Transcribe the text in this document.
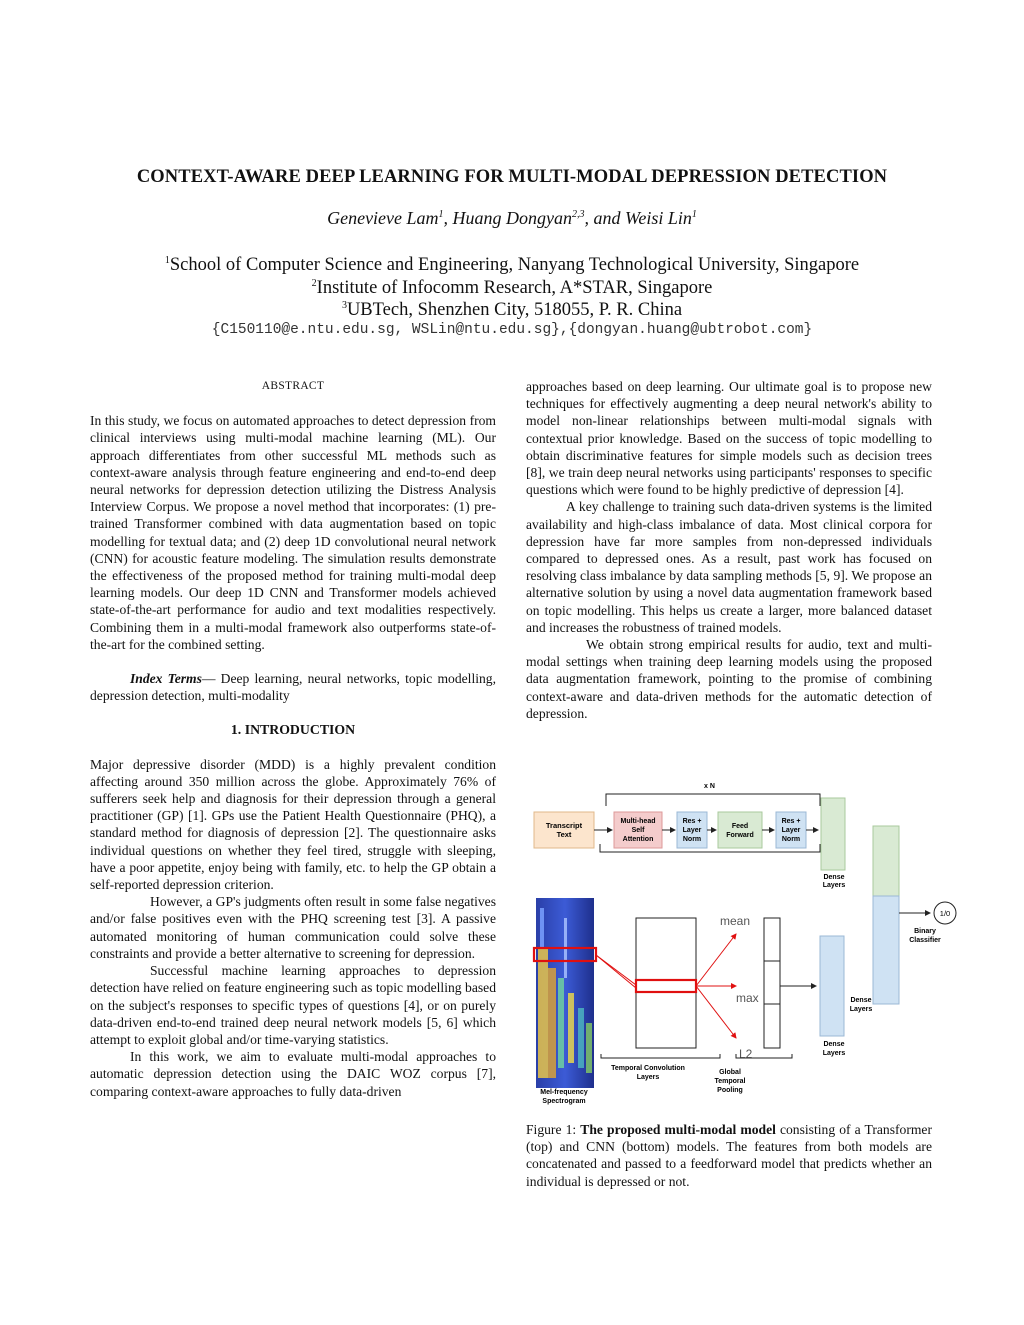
CONTEXT-AWARE DEEP LEARNING FOR MULTI-MODAL DEPRESSION DETECTION
Genevieve Lam$^1$, Huang Dongyan$^{2,3}$, and Weisi Lin$^1$
$^1$School of Computer Science and Engineering, Nanyang Technological University, Singapore
$^2$Institute of Infocomm Research, A*STAR, Singapore
$^3$UBTech, Shenzhen City, 518055, P. R. China
{C150110@e.ntu.edu.sg, WSLin@ntu.edu.sg},{dongyan.huang@ubtrobot.com}

ABSTRACT

In this study, we focus on automated approaches to detect depression from clinical interviews using multi-modal machine learning (ML). Our approach differentiates from other successful ML methods such as context-aware analysis through feature engineering and end-to-end deep neural networks for depression detection utilizing the Distress Analysis Interview Corpus. We propose a novel method that incorporates: (1) pre-trained Transformer combined with data augmentation based on topic modelling for textual data; and (2) deep 1D convolutional neural network (CNN) for acoustic feature modeling. The simulation results demonstrate the effectiveness of the proposed method for training multi-modal deep learning models. Our deep 1D CNN and Transformer models achieved state-of-the-art performance for audio and text modalities respectively. Combining them in a multi-modal framework also outperforms state-of-the-art for the combined setting.

Index Terms— Deep learning, neural networks, topic modelling, depression detection, multi-modality

1. INTRODUCTION

Major depressive disorder (MDD) is a highly prevalent condition affecting around 350 million across the globe. Approximately 76% of sufferers seek help and diagnosis for their depression through a general practitioner (GP) [1]. GPs use the Patient Health Questionnaire (PHQ), a standard method for diagnosis of depression [2]. The questionnaire asks individual questions on whether they feel tired, struggle with sleeping, have a poor appetite, enjoy being with family, etc. to help the GP obtain a self-reported depression criterion.

However, a GP's judgments often result in some false negatives and/or false positives even with the PHQ screening test [3]. A passive automated monitoring of human communication could solve these constraints and provide a better alternative to screening for depression.

Successful machine learning approaches to depression detection have relied on feature engineering such as topic modelling based on the subject's responses to specific types of questions [4], or on purely data-driven end-to-end trained deep neural network models [5, 6] which attempt to exploit global and/or time-varying statistics.

In this work, we aim to evaluate multi-modal approaches to automatic depression detection using the DAIC WOZ corpus [7], comparing context-aware approaches to fully data-driven

approaches based on deep learning. Our ultimate goal is to propose new techniques for effectively augmenting a deep neural network's ability to model non-linear relationships between multi-modal signals with contextual prior knowledge. Based on the success of topic modelling to obtain discriminative features for simple models such as decision trees [8], we train deep neural networks using participants' responses to specific questions which were found to be highly predictive of depression [4].

A key challenge to training such data-driven systems is the limited availability and high-class imbalance of data. Most clinical corpora for depression have far more samples from non-depressed individuals compared to depressed ones. As a result, past work has focused on resolving class imbalance by data sampling methods [5, 9]. We propose an alternative solution by using a novel data augmentation framework based on topic modelling. This helps us create a larger, more balanced dataset and increases the robustness of trained models.

We obtain strong empirical results for audio, text and multi-modal settings when training deep learning models using the proposed data augmentation framework, pointing to the promise of combining context-aware and data-driven methods for the automatic detection of depression.

x N
Transcript
Text
Multi-head
Self
Attention
Res +
Layer
Norm
Feed
Forward
Res +
Layer
Norm
Dense
Layers
Dense
Layers
1/0
Binary
Classifier
Mel-frequency
Spectrogram
Temporal Convolution
Layers
mean
max
L2
Global
Temporal
Pooling
Dense
Layers
Figure 1: The proposed multi-modal model consisting of a Transformer (top) and CNN (bottom) models. The features from both models are concatenated and passed to a feedforward model that predicts whether an individual is depressed or not.
